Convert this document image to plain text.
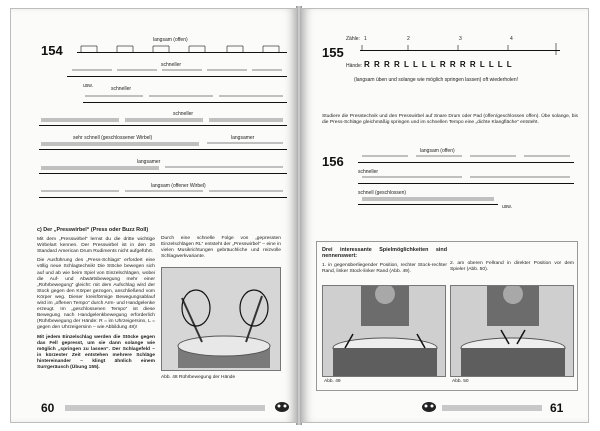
154
langsam (offen)
schneller
usw.	schneller
schneller
sehr schnell (geschlossener Wirbel)	langsamer
langsamer
langsam (offener Wirbel)
c) Der „Presswirbel“ (Press oder Buzz Roll)

Mit dem „Presswirbel“ lernst du die dritte wichtige Wirbelart kennen. Der Presswirbel ist in den 26 Standard American Drum Rudiments nicht aufgeführt.

Die Ausführung des „Press-Schlags“ erfordert eine völlig neue Schlagtechnik! Die Stöcke bewegen sich auf und ab wie beim Spiel von Einzelschlägen, wobei die Auf- und Abwärtsbewegung mehr einer „Rührbewegung“ gleicht: mit dem Aufschlag wird der Stock gegen den Körper gezogen, anschließend vom Körper weg. Dieser kreisförmige Bewegungsablauf wird im „offenen Tempo“ durch Arm- und Handgelenke erzeugt. Im „geschlossenen Tempo“ ist diese Bewegung nach Handgelenkbewegung erforderlich (Rührbewegung der Hände: R = im Uhrzeigersinn, L = gegen den Uhrzeigersinn – wie Abbildung 48)!

Mit jedem Einzelschlag werden die Stöcke gegen das Fell gepresst, um sie dann solange wie möglich „springen zu lassen“. Der Schlagefeld – in kürzester Zeit entstehen mehrere Schläge hintereinander – klingt ähnlich einem Surrgeräusch (Übung 155).

Durch eine schnelle Folge von „gepressten Einzelschlägen RL“ entsteht der „Presswirbel“ – eine in vielen Musikrichtungen gebräuchliche und reizvolle Schlagwerkvariante.
Abb. 48 Rührbewegung der Hände
60
155
Zähle: 1	2	3	4
Hände: R R R R L L L L R R R R L L L L
(langsam üben und solange wie möglich springen lassen) oft wiederholen!
Studiere die Presstechnik und den Presswirbel auf Snare Drum oder Pad (offen/geschlossen offen). Übe solange, bis die Press-Schläge gleichmäßig springen und im schnellen Tempo eine „dichte Klangfläche“ entsteht.
156
langsam (offen)
schneller
schnell (geschlossen)
usw.
Drei interessante Spielmöglichkeiten sind nennenswert:

1. in gegenüberliegender Position, rechter Stock-rechter Rand, linker Stock-linker Rand (Abb. 49).

2. am oberen Fellrand in direkter Position vor dem Spieler (Abb. 50).
Abb. 49	Abb. 50
61
